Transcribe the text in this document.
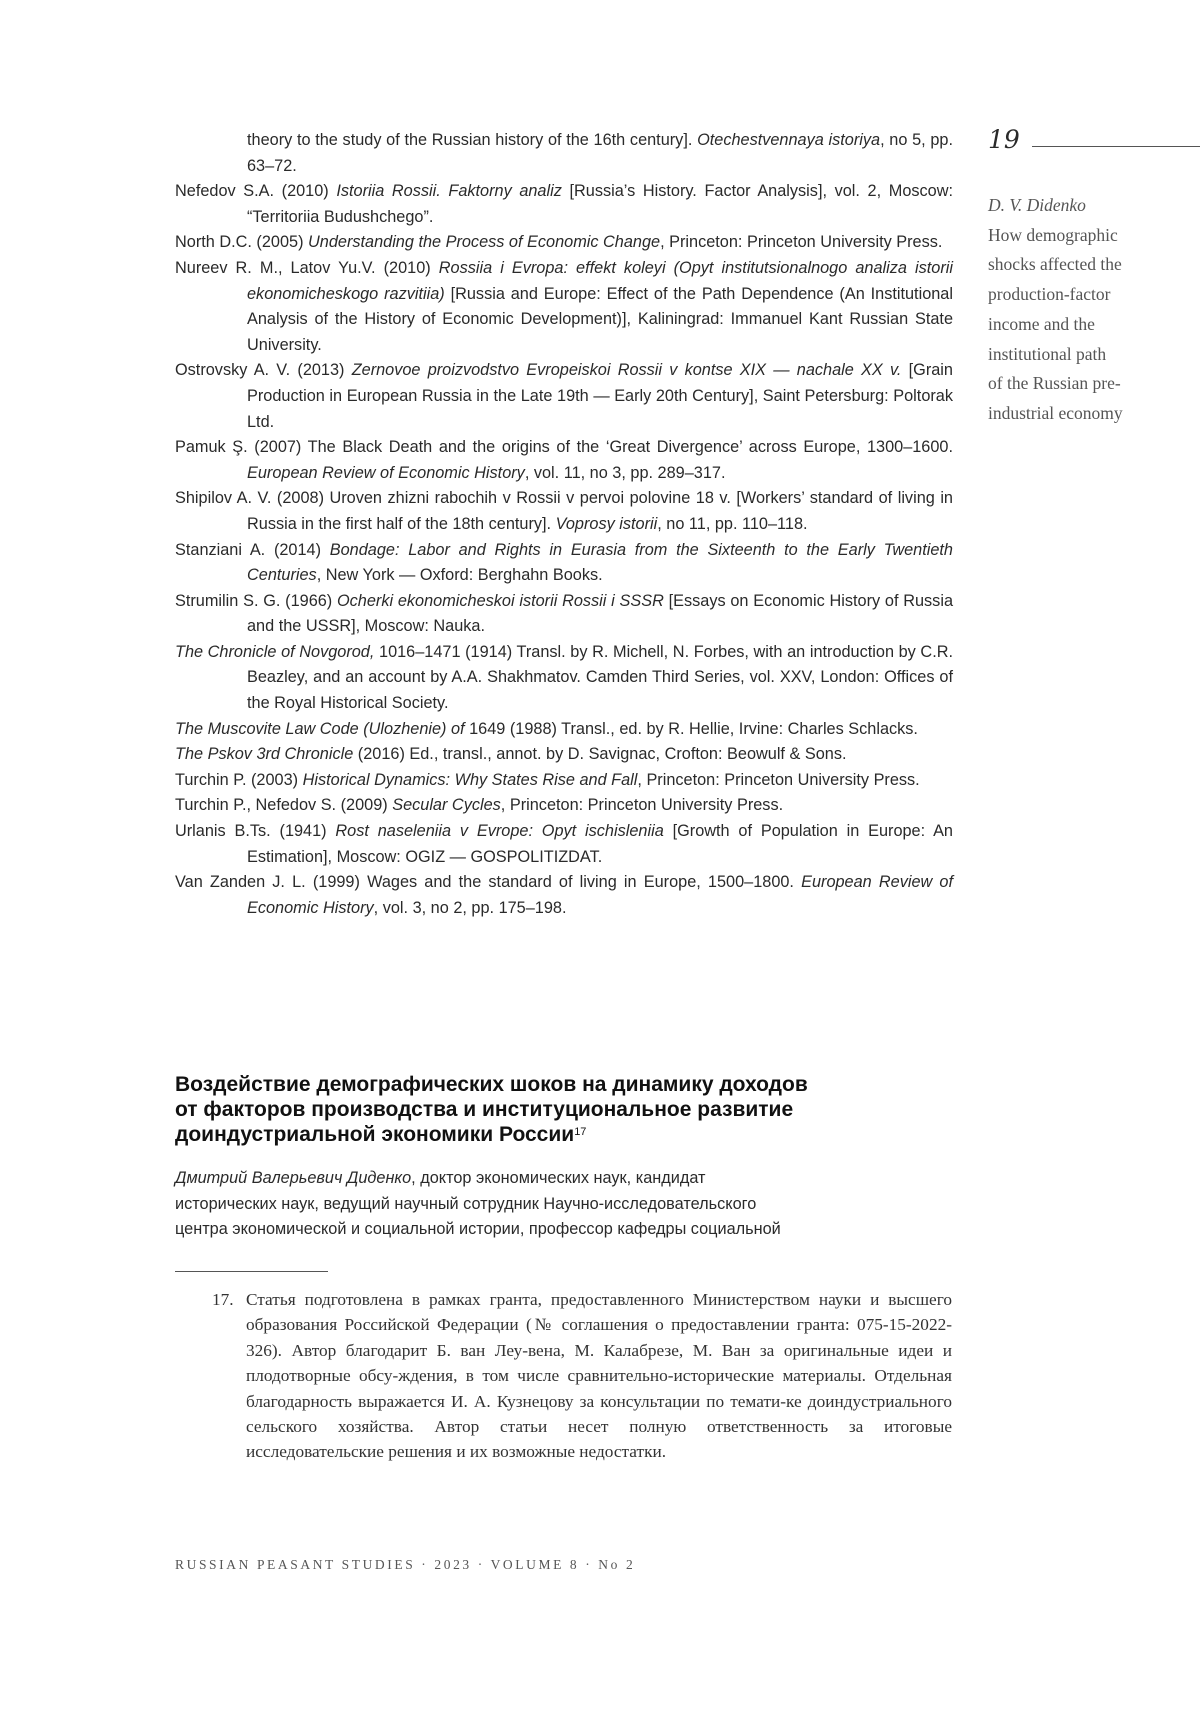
19
D. V. Didenko
How demographic
shocks affected the
production-factor
income and the
institutional path
of the Russian pre-
industrial economy

theory to the study of the Russian history of the 16th century]. Otechestvennaya istoriya, no 5, pp. 63–72.

Nefedov S.A. (2010) Istoriia Rossii. Faktorny analiz [Russia’s History. Factor Analysis], vol. 2, Moscow: “Territoriia Budushchego”.

North D.C. (2005) Understanding the Process of Economic Change, Princeton: Princeton University Press.

Nureev R. M., Latov Yu.V. (2010) Rossiia i Evropa: effekt koleyi (Opyt institutsionalnogo analiza istorii ekonomicheskogo razvitiia) [Russia and Europe: Effect of the Path Dependence (An Institutional Analysis of the History of Economic Development)], Kaliningrad: Immanuel Kant Russian State University.

Ostrovsky A. V. (2013) Zernovoe proizvodstvo Evropeiskoi Rossii v kontse XIX — nachale XX v. [Grain Production in European Russia in the Late 19th — Early 20th Century], Saint Petersburg: Poltorak Ltd.

Pamuk Ş. (2007) The Black Death and the origins of the ‘Great Divergence’ across Europe, 1300–1600. European Review of Economic History, vol. 11, no 3, pp. 289–317.

Shipilov A. V. (2008) Uroven zhizni rabochih v Rossii v pervoi polovine 18 v. [Workers’ standard of living in Russia in the first half of the 18th century]. Voprosy istorii, no 11, pp. 110–118.

Stanziani A. (2014) Bondage: Labor and Rights in Eurasia from the Sixteenth to the Early Twentieth Centuries, New York — Oxford: Berghahn Books.

Strumilin S. G. (1966) Ocherki ekonomicheskoi istorii Rossii i SSSR [Essays on Economic History of Russia and the USSR], Moscow: Nauka.

The Chronicle of Novgorod, 1016–1471 (1914) Transl. by R. Michell, N. Forbes, with an introduction by C.R. Beazley, and an account by A.A. Shakhmatov. Camden Third Series, vol. XXV, London: Offices of the Royal Historical Society.

The Muscovite Law Code (Ulozhenie) of 1649 (1988) Transl., ed. by R. Hellie, Irvine: Charles Schlacks.

The Pskov 3rd Chronicle (2016) Ed., transl., annot. by D. Savignac, Crofton: Beowulf & Sons.

Turchin P. (2003) Historical Dynamics: Why States Rise and Fall, Princeton: Princeton University Press.

Turchin P., Nefedov S. (2009) Secular Cycles, Princeton: Princeton University Press.

Urlanis B.Ts. (1941) Rost naseleniia v Evrope: Opyt ischisleniia [Growth of Population in Europe: An Estimation], Moscow: OGIZ — GOSPOLITIZDAT.

Van Zanden J. L. (1999) Wages and the standard of living in Europe, 1500–1800. European Review of Economic History, vol. 3, no 2, pp. 175–198.

Воздействие демографических шоков на динамику доходов
от факторов производства и институциональное развитие
доиндустриальной экономики России$^{17}$

Дмитрий Валерьевич Диденко, доктор экономических наук, кандидат
исторических наук, ведущий научный сотрудник Научно-исследовательского
центра экономической и социальной истории, профессор кафедры социальной

17. Статья подготовлена в рамках гранта, предоставленного Министерством науки и высшего образования Российской Федерации (№ соглашения о предоставлении гранта: 075-15-2022-326). Автор благодарит Б. ван Леу-вена, М. Калабрезе, М. Ван за оригинальные идеи и плодотворные обсу-ждения, в том числе сравнительно-исторические материалы. Отдельная благодарность выражается И. А. Кузнецову за консультации по темати-ке доиндустриального сельского хозяйства. Автор статьи несет полную ответственность за итоговые исследовательские решения и их возможные недостатки.

RUSSIAN PEASANT STUDIES · 2023 · VOLUME 8 · No 2
